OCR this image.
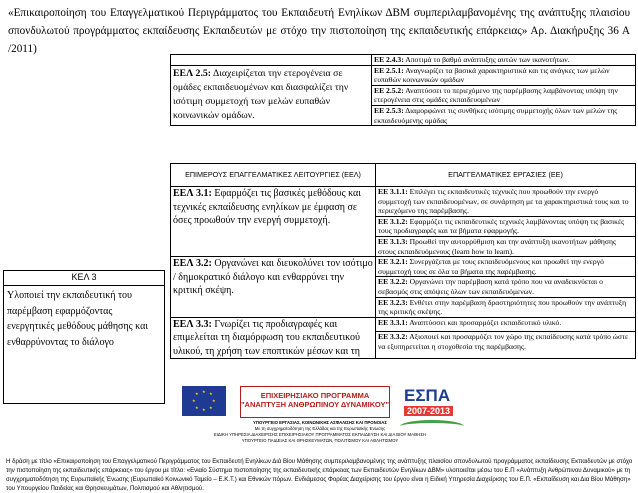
«Επικαιροποίηση του Επαγγελματικού Περιγράμματος του Εκπαιδευτή Ενηλίκων ΔΒΜ συμπεριλαμβανομένης της ανάπτυξης πλαισίου σπονδυλωτού προγράμματος εκπαίδευσης Εκπαιδευτών με στόχο την πιστοποίηση της εκπαιδευτικής επάρκειας» Αρ. Διακήρυξης 36 Α /2011)
	ΕΕ 2.4.3: Αποτιμά το βαθμό ανάπτυξης αυτών των ικανοτήτων.
ΕΕΛ 2.5: Διαχειρίζεται την ετερογένεια σε ομάδες εκπαιδευομένων και διασφαλίζει την ισότιμη συμμετοχή των μελών ευπαθών κοινωνικών ομάδων.	ΕΕ 2.5.1: Αναγνωρίζει τα βασικά χαρακτηριστικά και τις ανάγκες των μελών ευπαθών κοινωνικών ομάδων
	ΕΕ 2.5.2: Αναπτύσσει το περιεχόμενο της παρέμβασης λαμβάνοντας υπόψη την ετερογένεια στις ομάδες εκπαιδευομένων
	ΕΕ 2.5.3: Διαμορφώνει τις συνθήκες ισότιμης συμμετοχής όλων των μελών της εκπαιδευόμενης ομάδας
ΕΠΙΜΕΡΟΥΣ ΕΠΑΓΓΕΛΜΑΤΙΚΕΣ ΛΕΙΤΟΥΡΓΙΕΣ (ΕΕΛ)	ΕΠΑΓΓΕΛΜΑΤΙΚΕΣ ΕΡΓΑΣΙΕΣ (ΕΕ)
ΕΕΛ 3.1: Εφαρμόζει τις βασικές μεθόδους και τεχνικές εκπαίδευσης ενηλίκων με έμφαση σε όσες προωθούν την ενεργή συμμετοχή.	ΕΕ 3.1.1: Επιλέγει τις εκπαιδευτικές τεχνικές που προωθούν την ενεργό συμμετοχή των εκπαιδευομένων, σε συνάρτηση με τα χαρακτηριστικά τους και το περιεχόμενο της παρέμβασης.
	ΕΕ 3.1.2: Εφαρμόζει τις εκπαιδευτικές τεχνικές λαμβάνοντας υπόψη τις βασικές τους προδιαγραφές και τα βήματα εφαρμογής.
	ΕΕ 3.1.3: Προωθεί την αυτορρύθμιση και την ανάπτυξη ικανοτήτων μάθησης στους εκπαιδευόμενους (learn how to learn).
ΕΕΛ 3.2: Οργανώνει και διευκολύνει τον ισότιμο / δημοκρατικό διάλογο και ενθαρρύνει την κριτική σκέψη.	ΕΕ 3.2.1: Συνεργάζεται με τους εκπαιδευόμενους και προωθεί την ενεργό συμμετοχή τους σε όλα τα βήματα της παρέμβασης.
	ΕΕ 3.2.2: Οργανώνει την παρέμβαση κατά τρόπο που να αναδεικνύεται ο σεβασμός στις απόψεις όλων των εκπαιδευόμενων.
	ΕΕ 3.2.3: Ενθέτει στην παρέμβαση δραστηριότητες που προωθούν την ανάπτυξη της κριτικής σκέψης.
ΕΕΛ 3.3: Γνωρίζει τις προδιαγραφές και επιμελείται τη διαμόρφωση του εκπαιδευτικού υλικού, τη χρήση των εποπτικών μέσων και τη	ΕΕ 3.3.1: Αναπτύσσει και προσαρμόζει εκπαιδευτικό υλικό.
	ΕΕ 3.3.2: Αξιοποιεί και προσαρμόζει τον χώρο της εκπαίδευσης κατά τρόπο ώστε να εξυπηρετείται η στοχοθεσία της παρέμβασης.
ΚΕΛ 3
Υλοποιεί την εκπαιδευτική του παρέμβαση εφαρμόζοντας ενεργητικές μεθόδους μάθησης και ενθαρρύνοντας το διάλογο
★ ★
★
★
★
★
★
★	ΕΠΙΧΕΙΡΗΣΙΑΚΟ ΠΡΟΓΡΑΜΜΑ
"ΑΝΑΠΤΥΞΗ ΑΝΘΡΩΠΙΝΟΥ ΔΥΝΑΜΙΚΟΥ" ΕΣΠΑ
2007-2013
ΥΠΟΥΡΓΕΙΟ ΕΡΓΑΣΙΑΣ, ΚΟΙΝΩΝΙΚΗΣ ΑΣΦΑΛΙΣΗΣ ΚΑΙ ΠΡΟΝΟΙΑΣ
Με τη συγχρηματοδότηση της Ελλάδας και της Ευρωπαϊκής Ένωσης
ΕΙΔΙΚΗ ΥΠΗΡΕΣΙΑ ΔΙΑΧΕΙΡΙΣΗΣ ΕΠΙΧΕΙΡΗΣΙΑΚΟΥ ΠΡΟΓΡΑΜΜΑΤΟΣ ΕΚΠΑΙΔΕΥΣΗ ΚΑΙ ΔΙΑ ΒΙΟΥ ΜΑΘΗΣΗ
ΥΠΟΥΡΓΕΙΟ ΠΑΙΔΕΙΑΣ ΚΑΙ ΘΡΗΣΚΕΥΜΑΤΩΝ, ΠΟΛΙΤΙΣΜΟΥ ΚΑΙ ΑΘΛΗΤΙΣΜΟΥ
Η δράση με τίτλο «Επικαιροποίηση του Επαγγελματικού Περιγράμματος του Εκπαιδευτή Ενηλίκων Διά Βίου Μάθησης συμπεριλαμβανομένης της ανάπτυξης πλαισίου σπονδυλωτού προγράμματος εκπαίδευσης Εκπαιδευτών με στόχο την πιστοποίηση της εκπαιδευτικής επάρκειας» του έργου με τίτλο: «Ενιαίο Σύστημα πιστοποίησης της εκπαιδευτικής επάρκειας των Εκπαιδευτών Ενηλίκων ΔΒΜ» υλοποιείται μέσω του Ε.Π «Ανάπτυξη Ανθρώπινου Δυναμικού» με τη συγχρηματοδότηση της Ευρωπαϊκής Ένωσης (Ευρωπαϊκό Κοινωνικό Ταμείο – Ε.Κ.Τ.) και Εθνικών πόρων. Ενδιάμεσος Φορέας Διαχείρισης του έργου είναι η Ειδική Υπηρεσία Διαχείρισης του Ε.Π. «Εκπαίδευση και Δια Βίου Μάθηση» του Υπουργείου Παιδείας και Θρησκευμάτων, Πολιτισμού και Αθλητισμού.
